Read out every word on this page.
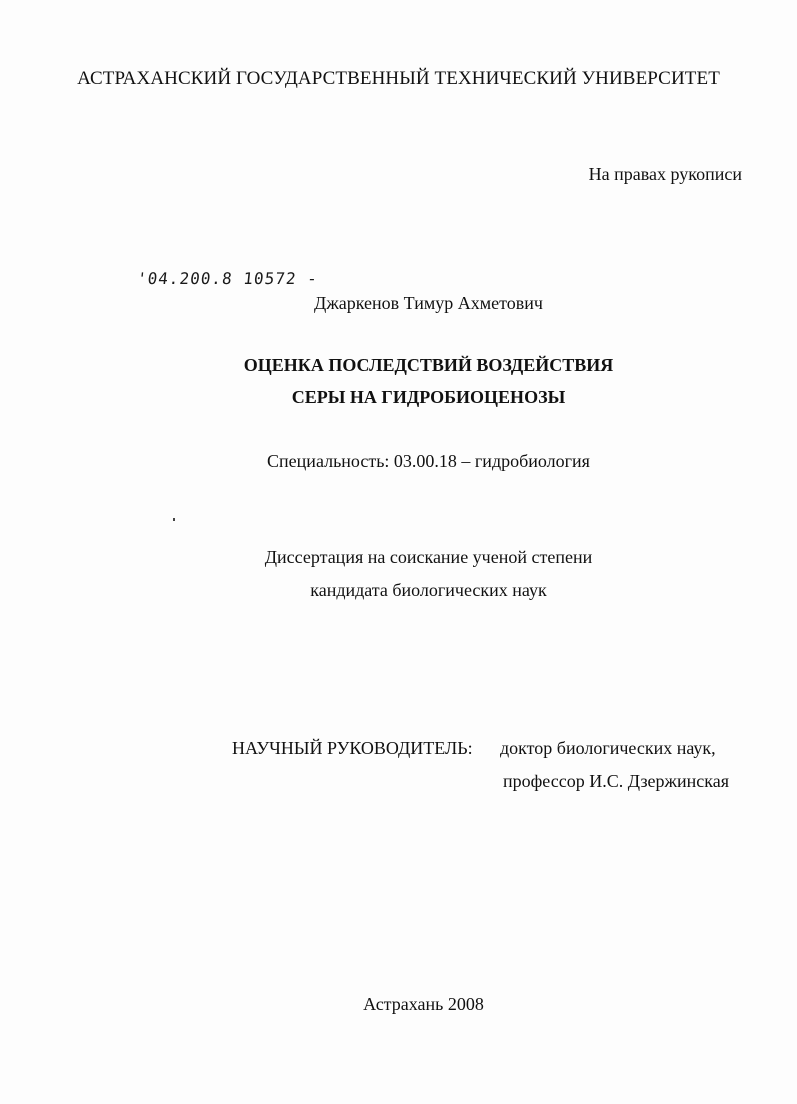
АСТРАХАНСКИЙ ГОСУДАРСТВЕННЫЙ ТЕХНИЧЕСКИЙ УНИВЕРСИТЕТ
На правах рукописи
'04.200.8 10572 -
Джаркенов Тимур Ахметович
ОЦЕНКА ПОСЛЕДСТВИЙ ВОЗДЕЙСТВИЯ
СЕРЫ НА ГИДРОБИОЦЕНОЗЫ
Специальность: 03.00.18 – гидробиология
Диссертация на соискание ученой степени
кандидата биологических наук
НАУЧНЫЙ РУКОВОДИТЕЛЬ: доктор биологических наук,
профессор И.С. Дзержинская
Астрахань 2008
